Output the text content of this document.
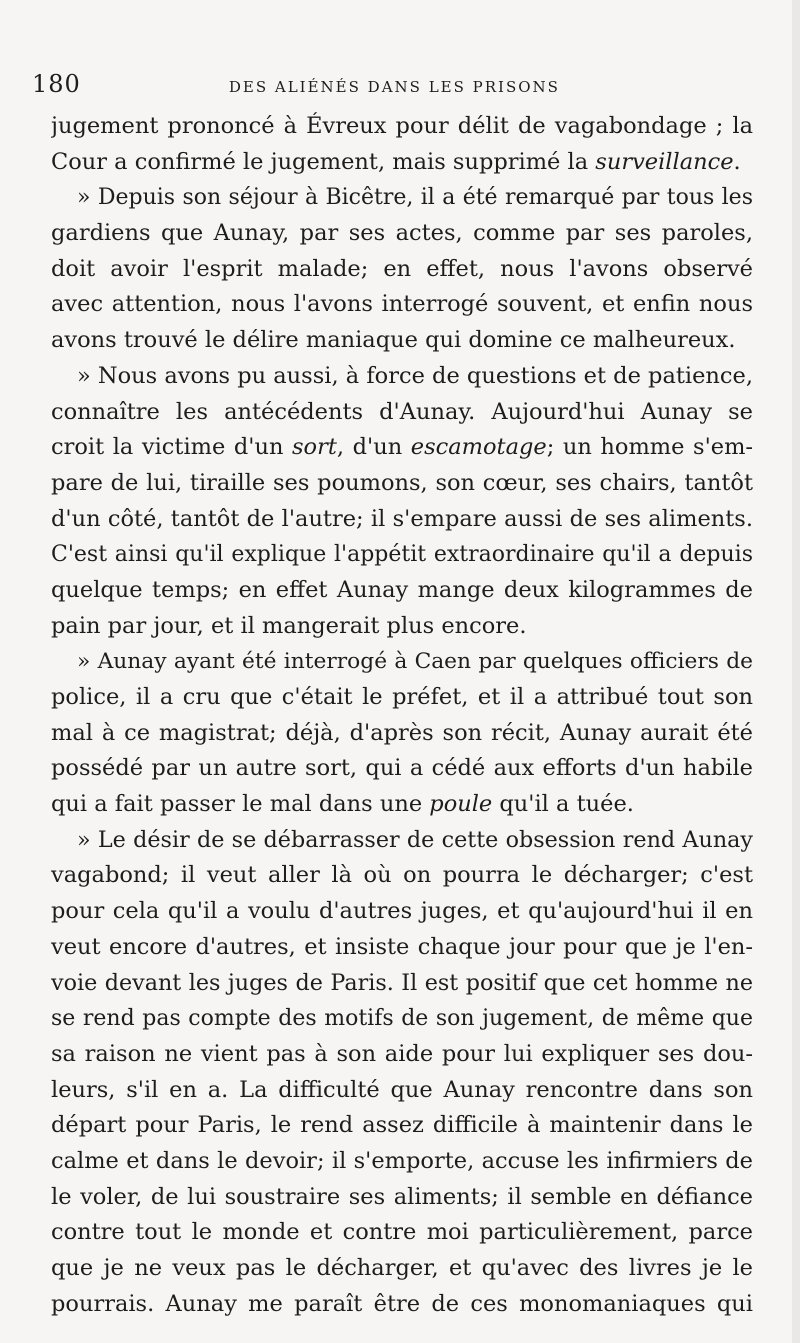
180	DES ALIÉNÉS DANS LES PRISONS
jugement prononcé à Évreux pour délit de vagabondage ; la
Cour a confirmé le jugement, mais supprimé la surveillance.
» Depuis son séjour à Bicêtre, il a été remarqué par tous les
gardiens que Aunay, par ses actes, comme par ses paroles,
doit avoir l'esprit malade; en effet, nous l'avons observé
avec attention, nous l'avons interrogé souvent, et enfin nous
avons trouvé le délire maniaque qui domine ce malheureux.
» Nous avons pu aussi, à force de questions et de patience,
connaître les antécédents d'Aunay. Aujourd'hui Aunay se
croit la victime d'un sort, d'un escamotage; un homme s'em-
pare de lui, tiraille ses poumons, son cœur, ses chairs, tantôt
d'un côté, tantôt de l'autre; il s'empare aussi de ses aliments.
C'est ainsi qu'il explique l'appétit extraordinaire qu'il a depuis
quelque temps; en effet Aunay mange deux kilogrammes de
pain par jour, et il mangerait plus encore.
» Aunay ayant été interrogé à Caen par quelques officiers de
police, il a cru que c'était le préfet, et il a attribué tout son
mal à ce magistrat; déjà, d'après son récit, Aunay aurait été
possédé par un autre sort, qui a cédé aux efforts d'un habile
qui a fait passer le mal dans une poule qu'il a tuée.
» Le désir de se débarrasser de cette obsession rend Aunay
vagabond; il veut aller là où on pourra le décharger; c'est
pour cela qu'il a voulu d'autres juges, et qu'aujourd'hui il en
veut encore d'autres, et insiste chaque jour pour que je l'en-
voie devant les juges de Paris. Il est positif que cet homme ne
se rend pas compte des motifs de son jugement, de même que
sa raison ne vient pas à son aide pour lui expliquer ses dou-
leurs, s'il en a. La difficulté que Aunay rencontre dans son
départ pour Paris, le rend assez difficile à maintenir dans le
calme et dans le devoir; il s'emporte, accuse les infirmiers de
le voler, de lui soustraire ses aliments; il semble en défiance
contre tout le monde et contre moi particulièrement, parce
que je ne veux pas le décharger, et qu'avec des livres je le
pourrais. Aunay me paraît être de ces monomaniaques qui
